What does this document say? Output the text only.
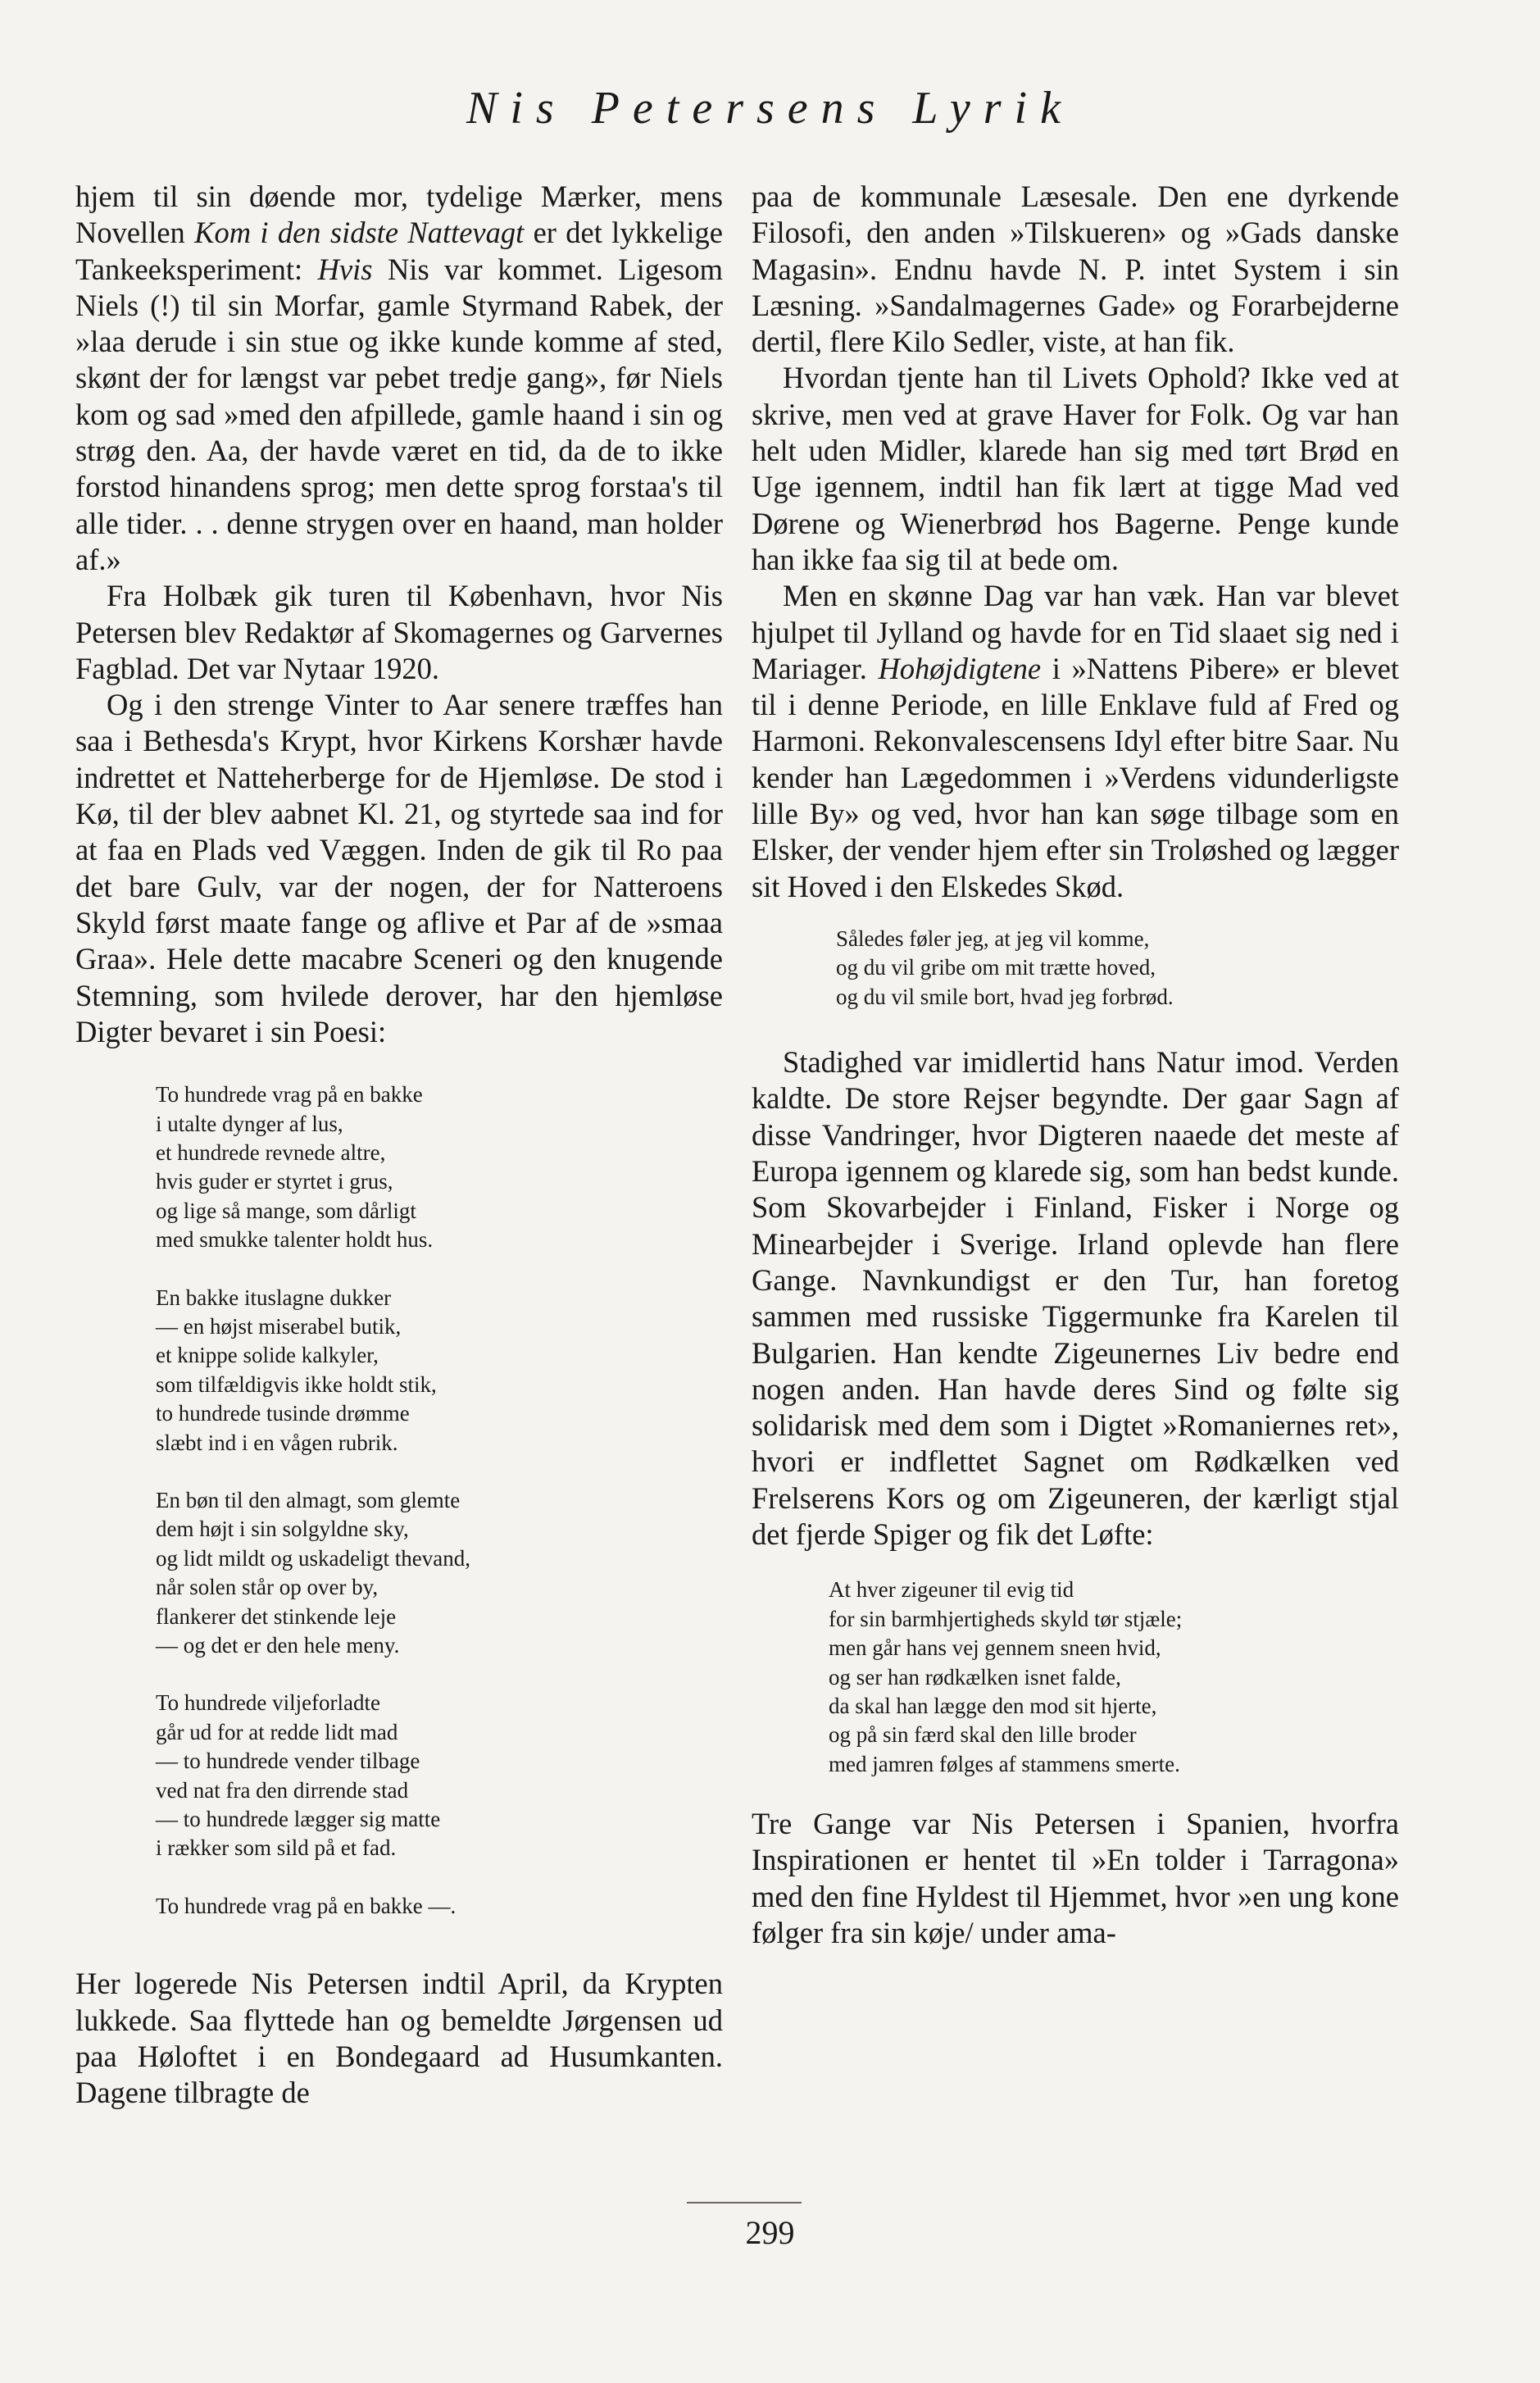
Nis Petersens Lyrik

hjem til sin døende mor, tydelige Mærker, mens Novellen Kom i den sidste Nattevagt er det lykkelige Tankeeksperiment: Hvis Nis var kommet. Ligesom Niels (!) til sin Morfar, gamle Styrmand Rabek, der »laa derude i sin stue og ikke kunde komme af sted, skønt der for længst var pebet tredje gang», før Niels kom og sad »med den afpillede, gamle haand i sin og strøg den. Aa, der havde været en tid, da de to ikke forstod hinandens sprog; men dette sprog forstaa's til alle tider. . . denne strygen over en haand, man holder af.»

Fra Holbæk gik turen til København, hvor Nis Petersen blev Redaktør af Skomagernes og Garvernes Fagblad. Det var Nytaar 1920.

Og i den strenge Vinter to Aar senere træffes han saa i Bethesda's Krypt, hvor Kirkens Korshær havde indrettet et Natteherberge for de Hjemløse. De stod i Kø, til der blev aabnet Kl. 21, og styrtede saa ind for at faa en Plads ved Væggen. Inden de gik til Ro paa det bare Gulv, var der nogen, der for Natteroens Skyld først maate fange og aflive et Par af de »smaa Graa». Hele dette macabre Sceneri og den knugende Stemning, som hvilede derover, har den hjemløse Digter bevaret i sin Poesi:

To hundrede vrag på en bakke
i utalte dynger af lus,
et hundrede revnede altre,
hvis guder er styrtet i grus,
og lige så mange, som dårligt
med smukke talenter holdt hus.
En bakke ituslagne dukker
— en højst miserabel butik,
et knippe solide kalkyler,
som tilfældigvis ikke holdt stik,
to hundrede tusinde drømme
slæbt ind i en vågen rubrik.
En bøn til den almagt, som glemte
dem højt i sin solgyldne sky,
og lidt mildt og uskadeligt thevand,
når solen står op over by,
flankerer det stinkende leje
— og det er den hele meny.
To hundrede viljeforladte
går ud for at redde lidt mad
— to hundrede vender tilbage
ved nat fra den dirrende stad
— to hundrede lægger sig matte
i rækker som sild på et fad.
To hundrede vrag på en bakke —.

Her logerede Nis Petersen indtil April, da Krypten lukkede. Saa flyttede han og bemeldte Jørgensen ud paa Høloftet i en Bondegaard ad Husumkanten. Dagene tilbragte de

paa de kommunale Læsesale. Den ene dyrkende Filosofi, den anden »Tilskueren» og »Gads danske Magasin». Endnu havde N. P. intet System i sin Læsning. »Sandalmagernes Gade» og Forarbejderne dertil, flere Kilo Sedler, viste, at han fik.

Hvordan tjente han til Livets Ophold? Ikke ved at skrive, men ved at grave Haver for Folk. Og var han helt uden Midler, klarede han sig med tørt Brød en Uge igennem, indtil han fik lært at tigge Mad ved Dørene og Wienerbrød hos Bagerne. Penge kunde han ikke faa sig til at bede om.

Men en skønne Dag var han væk. Han var blevet hjulpet til Jylland og havde for en Tid slaaet sig ned i Mariager. Hohøjdigtene i »Nattens Pibere» er blevet til i denne Periode, en lille Enklave fuld af Fred og Harmoni. Rekonvalescensens Idyl efter bitre Saar. Nu kender han Lægedommen i »Verdens vidunderligste lille By» og ved, hvor han kan søge tilbage som en Elsker, der vender hjem efter sin Troløshed og lægger sit Hoved i den Elskedes Skød.

Således føler jeg, at jeg vil komme,
og du vil gribe om mit trætte hoved,
og du vil smile bort, hvad jeg forbrød.

Stadighed var imidlertid hans Natur imod. Verden kaldte. De store Rejser begyndte. Der gaar Sagn af disse Vandringer, hvor Digteren naaede det meste af Europa igennem og klarede sig, som han bedst kunde. Som Skovarbejder i Finland, Fisker i Norge og Minearbejder i Sverige. Irland oplevde han flere Gange. Navnkundigst er den Tur, han foretog sammen med russiske Tiggermunke fra Karelen til Bulgarien. Han kendte Zigeunernes Liv bedre end nogen anden. Han havde deres Sind og følte sig solidarisk med dem som i Digtet »Romaniernes ret», hvori er indflettet Sagnet om Rødkælken ved Frelserens Kors og om Zigeuneren, der kærligt stjal det fjerde Spiger og fik det Løfte:

At hver zigeuner til evig tid
for sin barmhjertigheds skyld tør stjæle;
men går hans vej gennem sneen hvid,
og ser han rødkælken isnet falde,
da skal han lægge den mod sit hjerte,
og på sin færd skal den lille broder
med jamren følges af stammens smerte.

Tre Gange var Nis Petersen i Spanien, hvorfra Inspirationen er hentet til »En tolder i Tarragona» med den fine Hyldest til Hjemmet, hvor »en ung kone følger fra sin køje/ under ama-

299
